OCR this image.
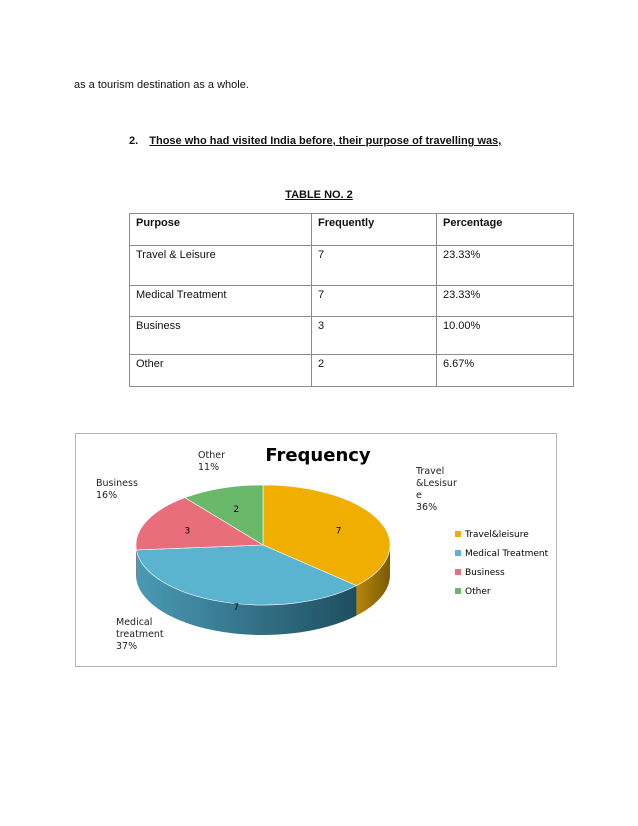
as a tourism destination as a whole.
2. Those who had visited India before, their purpose of travelling was,
TABLE NO. 2
Purpose	Frequently	Percentage
Travel & Leisure	7	23.33%
Medical Treatment	7	23.33%
Business	3	10.00%
Other	2	6.67%
Frequency
7
7
3
2
Travel &Lesisur e 36%
Medical treatment 37%
Business 16%
Other 11%
Travel&leisure
Medical Treatment
Business
Other
